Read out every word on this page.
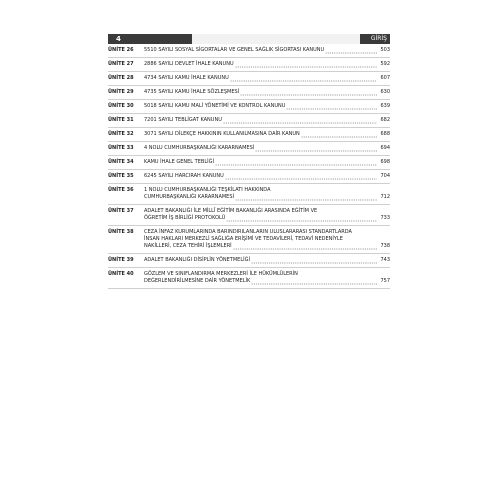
4	GİRİŞ
ÜNİTE 26	5510 SAYILI SOSYAL SİGORTALAR VE GENEL SAĞLIK SİGORTASI KANUNU	503
ÜNİTE 27	2886 SAYILI DEVLET İHALE KANUNU	592
ÜNİTE 28	4734 SAYILI KAMU İHALE KANUNU	607
ÜNİTE 29	4735 SAYILI KAMU İHALE SÖZLEŞMESİ	630
ÜNİTE 30	5018 SAYILI KAMU MALİ YÖNETİMİ VE KONTROL KANUNU	639
ÜNİTE 31	7201 SAYILI TEBLİGAT KANUNU	682
ÜNİTE 32	3071 SAYILI DİLEKÇE HAKKININ KULLANILMASINA DAİR KANUN	688
ÜNİTE 33	4 NOLU CUMHURBAŞKANLIĞI KARARNAMESİ	694
ÜNİTE 34	KAMU İHALE GENEL TEBLİĞİ	698
ÜNİTE 35	6245 SAYILI HARCIRAH KANUNU	704
ÜNİTE 36	1 NOLU CUMHURBAŞKANLIĞI TEŞKİLATI HAKKINDA
CUMHURBAŞKANLIĞI KARARNAMESİ	712
ÜNİTE 37	ADALET BAKANLIĞI İLE MİLLÎ EĞİTİM BAKANLIĞI ARASINDA EĞİTİM VE
ÖĞRETİM İŞ BİRLİĞİ PROTOKOLÜ	733
ÜNİTE 38	CEZA İNFAZ KURUMLARINDA BARINDIRILANLARIN ULUSLARARASI STANDARTLARDA
İNSAN HAKLARI MERKEZLİ SAĞLIĞA ERİŞİMİ VE TEDAVİLERİ, TEDAVİ NEDENİYLE
NAKİLLERİ, CEZA TEHİRİ İŞLEMLERİ	738
ÜNİTE 39	ADALET BAKANLIĞI DİSİPLİN YÖNETMELİĞİ	743
ÜNİTE 40	GÖZLEM VE SINIFLANDIRMA MERKEZLERİ İLE HÜKÜMLÜLERİN
DEĞERLENDİRİLMESİNE DAİR YÖNETMELİK	757
